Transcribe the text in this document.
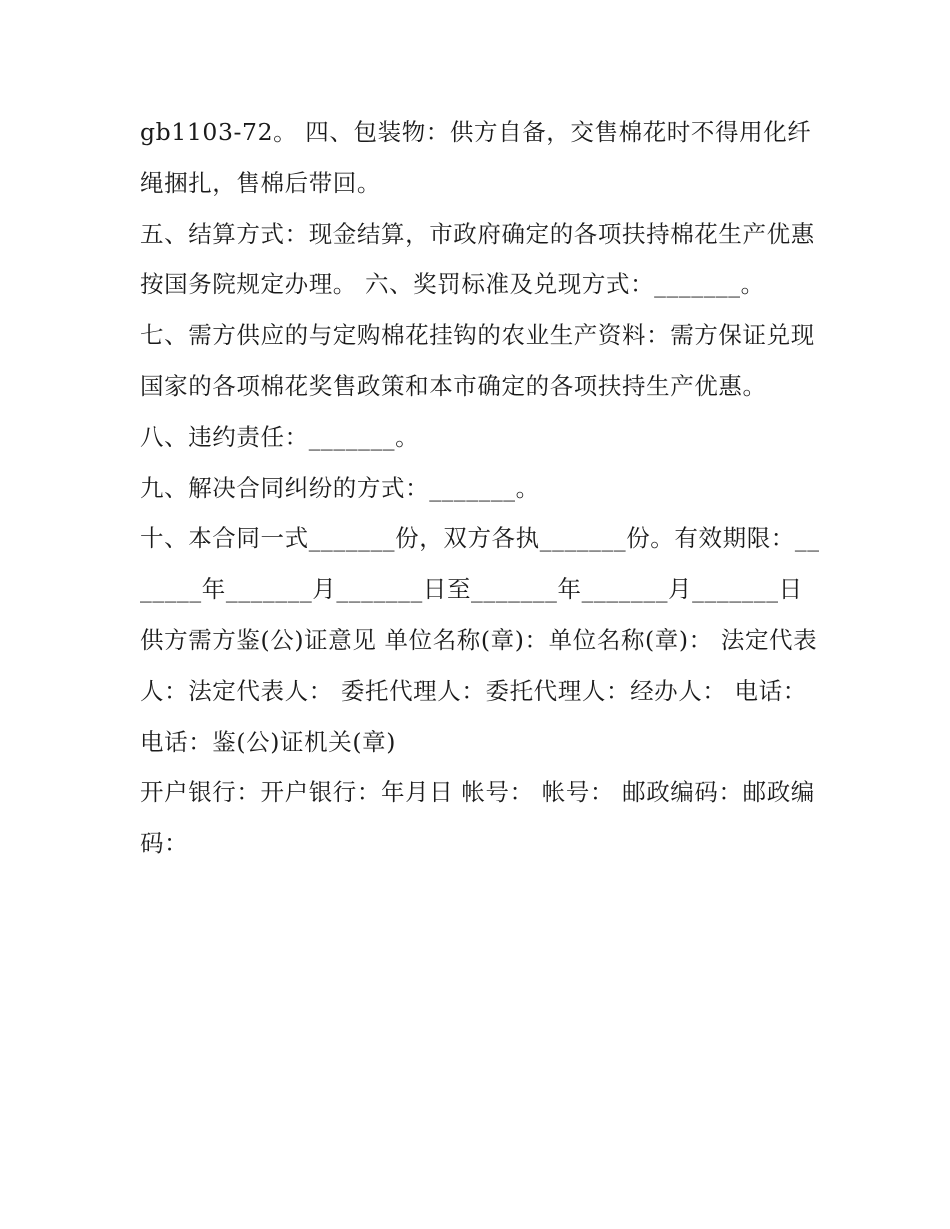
gb1103-72。 四、包装物：供方自备，交售棉花时不得用化纤绳捆扎，售棉后带回。

五、结算方式：现金结算，市政府确定的各项扶持棉花生产优惠按国务院规定办理。 六、奖罚标准及兑现方式：_______。

七、需方供应的与定购棉花挂钩的农业生产资料：需方保证兑现国家的各项棉花奖售政策和本市确定的各项扶持生产优惠。

八、违约责任：_______。

九、解决合同纠纷的方式：_______。

十、本合同一式_______份，双方各执_______份。有效期限：_______年_______月_______日至_______年_______月_______日

供方需方鉴(公)证意见 单位名称(章)：单位名称(章)： 法定代表人：法定代表人： 委托代理人：委托代理人：经办人： 电话：电话：鉴(公)证机关(章)

开户银行：开户银行：年月日 帐号： 帐号： 邮政编码：邮政编码：
